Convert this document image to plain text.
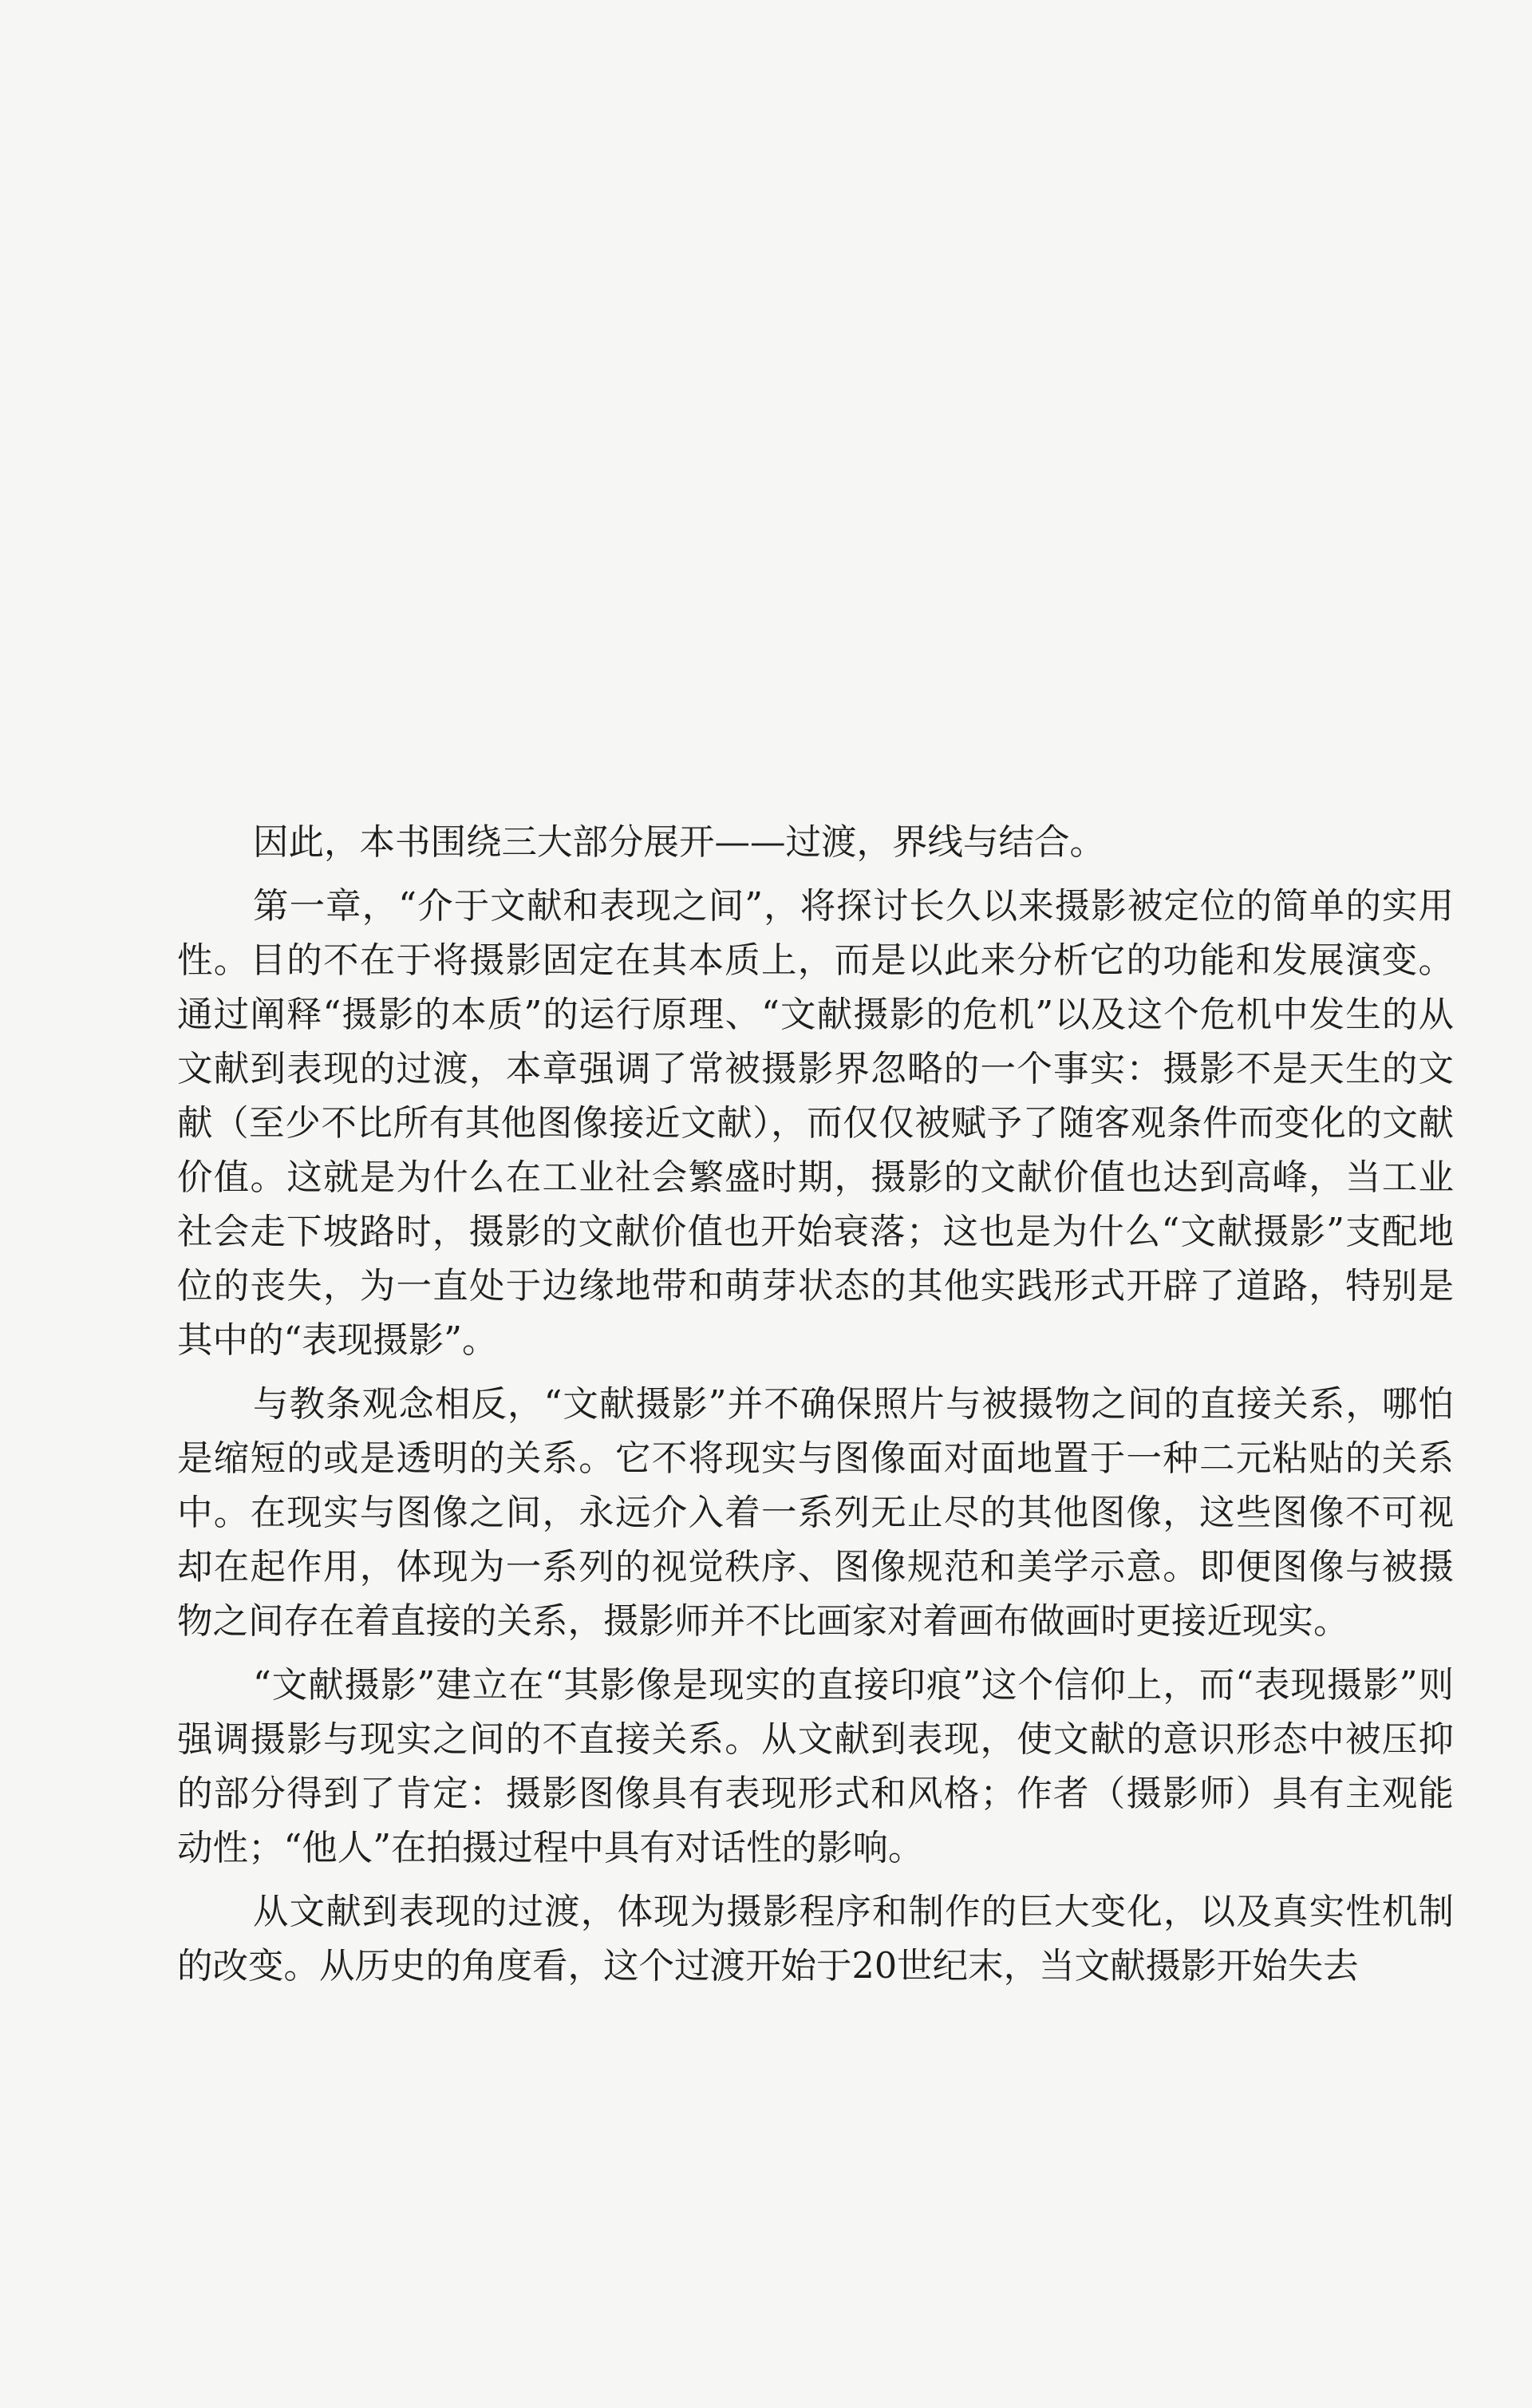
因此，本书围绕三大部分展开——过渡，界线与结合。

第一章，“介于文献和表现之间”，将探讨长久以来摄影被定位的简单的实用性。目的不在于将摄影固定在其本质上，而是以此来分析它的功能和发展演变。通过阐释“摄影的本质”的运行原理、“文献摄影的危机”以及这个危机中发生的从文献到表现的过渡，本章强调了常被摄影界忽略的一个事实：摄影不是天生的文献（至少不比所有其他图像接近文献），而仅仅被赋予了随客观条件而变化的文献价值。这就是为什么在工业社会繁盛时期，摄影的文献价值也达到高峰，当工业社会走下坡路时，摄影的文献价值也开始衰落；这也是为什么“文献摄影”支配地位的丧失，为一直处于边缘地带和萌芽状态的其他实践形式开辟了道路，特别是其中的“表现摄影”。

与教条观念相反，“文献摄影”并不确保照片与被摄物之间的直接关系，哪怕是缩短的或是透明的关系。它不将现实与图像面对面地置于一种二元粘贴的关系中。在现实与图像之间，永远介入着一系列无止尽的其他图像，这些图像不可视却在起作用，体现为一系列的视觉秩序、图像规范和美学示意。即便图像与被摄物之间存在着直接的关系，摄影师并不比画家对着画布做画时更接近现实。

“文献摄影”建立在“其影像是现实的直接印痕”这个信仰上，而“表现摄影”则强调摄影与现实之间的不直接关系。从文献到表现，使文献的意识形态中被压抑的部分得到了肯定：摄影图像具有表现形式和风格；作者（摄影师）具有主观能动性；“他人”在拍摄过程中具有对话性的影响。

从文献到表现的过渡，体现为摄影程序和制作的巨大变化，以及真实性机制的改变。从历史的角度看，这个过渡开始于20世纪末，当文献摄影开始失去
